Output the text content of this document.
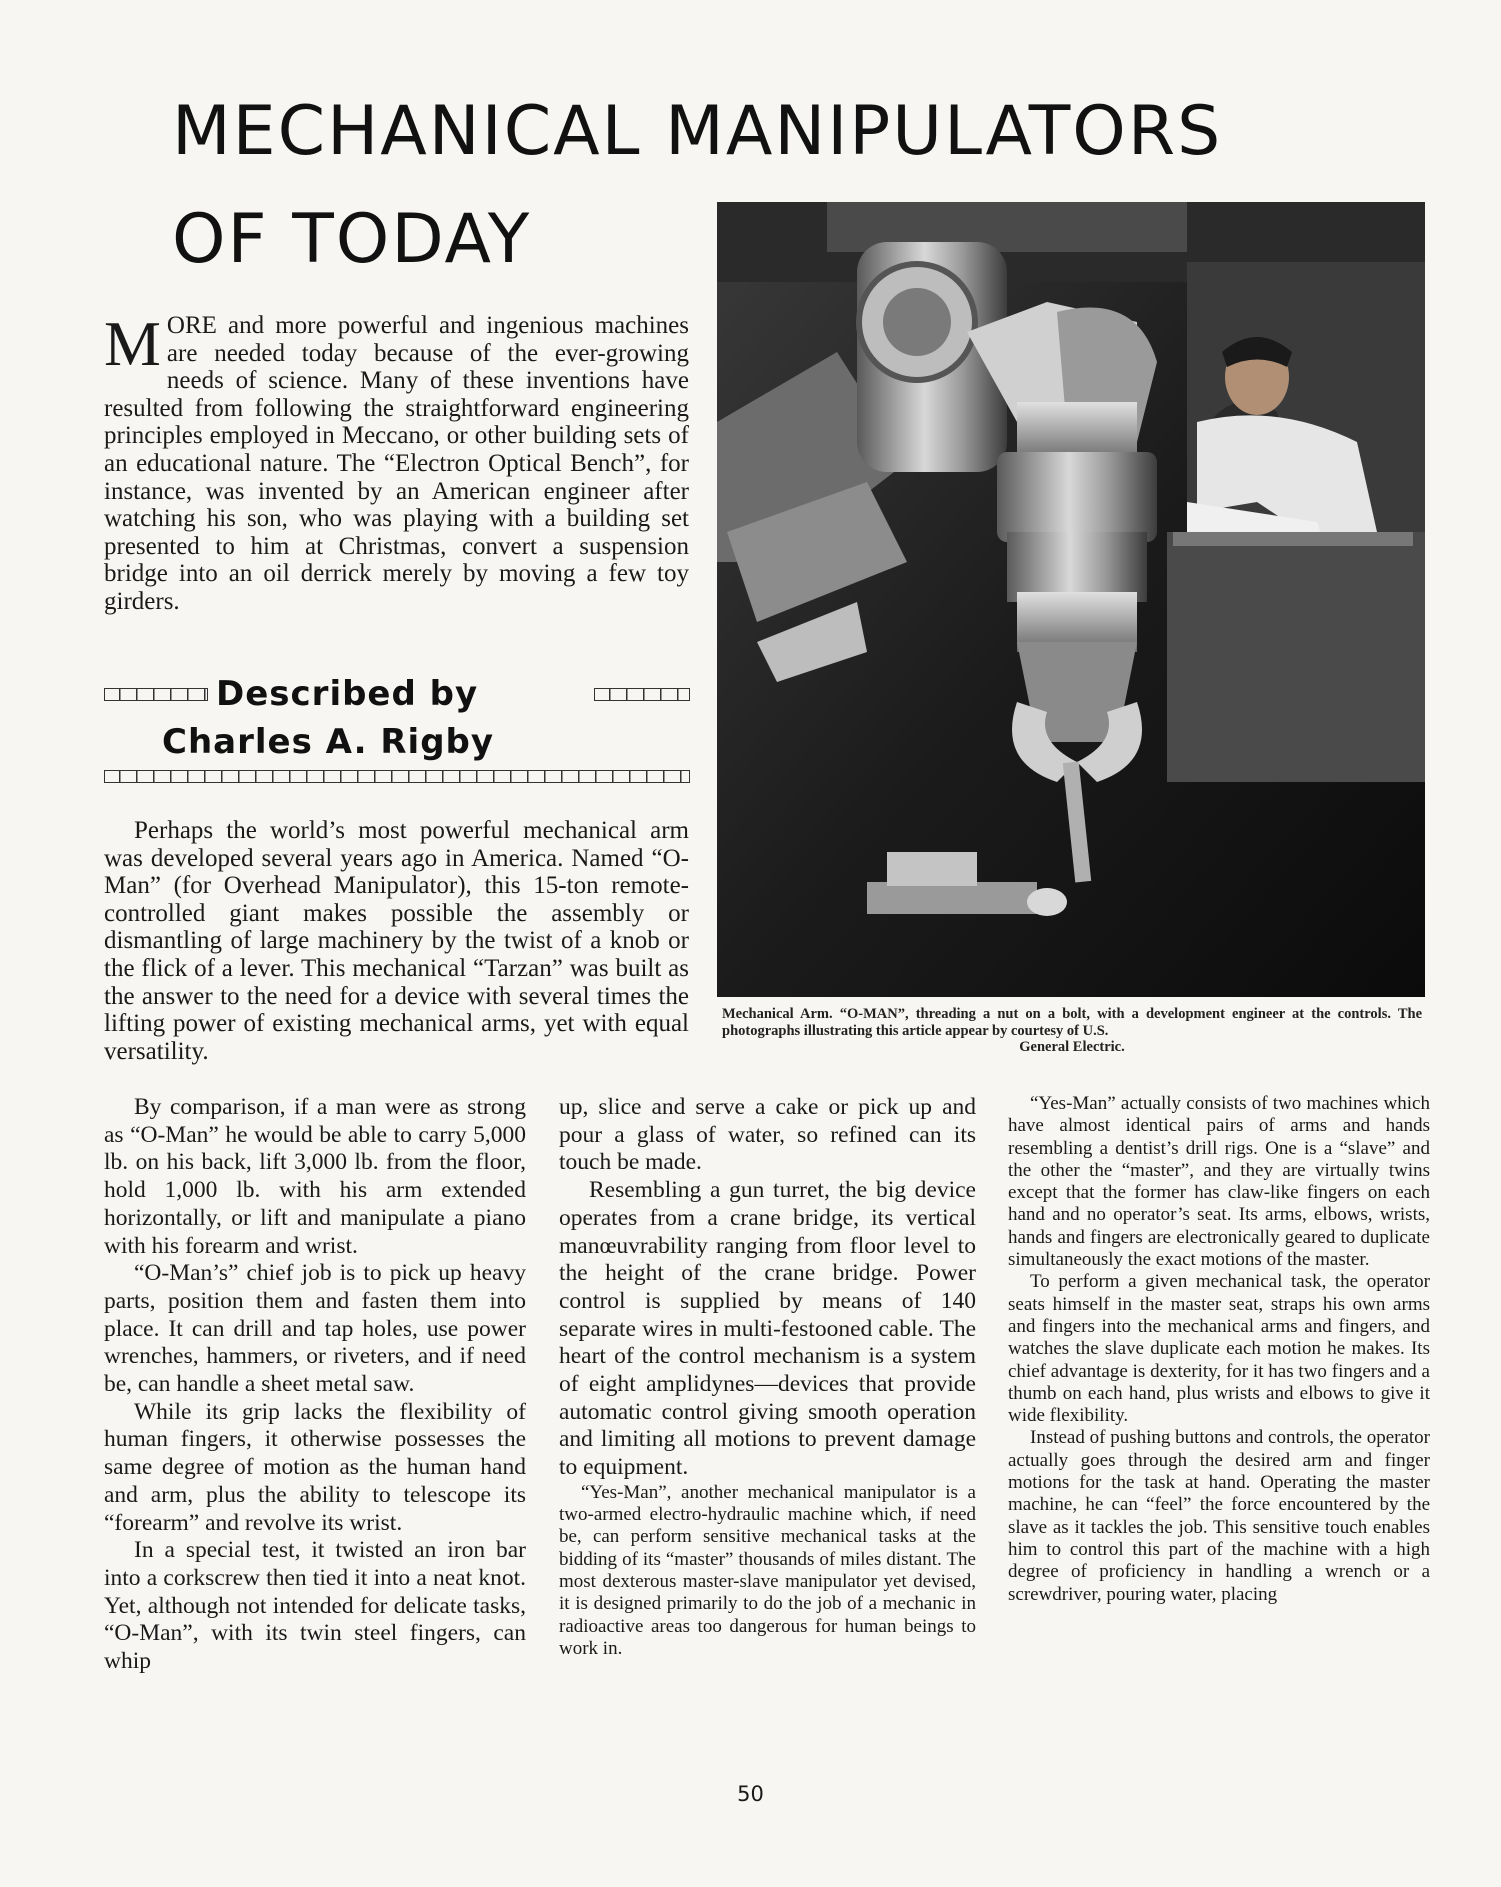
MECHANICAL MANIPULATORS
OF TODAY

MORE and more powerful and ingenious machines are needed today because of the ever-growing needs of science. Many of these inventions have resulted from following the straightforward engineering principles employed in Meccano, or other building sets of an educational nature. The “Electron Optical Bench”, for instance, was invented by an American engineer after watching his son, who was playing with a building set presented to him at Christmas, convert a suspension bridge into an oil derrick merely by moving a few toy girders.

Described by
Charles A. Rigby

Perhaps the world’s most powerful mechanical arm was developed several years ago in America. Named “O-Man” (for Overhead Manipulator), this 15-ton remote-controlled giant makes possible the assembly or dismantling of large machinery by the twist of a knob or the flick of a lever. This mechanical “Tarzan” was built as the answer to the need for a device with several times the lifting power of existing mechanical arms, yet with equal versatility.

By comparison, if a man were as strong as “O-Man” he would be able to carry 5,000 lb. on his back, lift 3,000 lb. from the floor, hold 1,000 lb. with his arm extended horizontally, or lift and manipulate a piano with his forearm and wrist.

“O-Man’s” chief job is to pick up heavy parts, position them and fasten them into place. It can drill and tap holes, use power wrenches, hammers, or riveters, and if need be, can handle a sheet metal saw.

While its grip lacks the flexibility of human fingers, it otherwise possesses the same degree of motion as the human hand and arm, plus the ability to telescope its “forearm” and revolve its wrist.

In a special test, it twisted an iron bar into a corkscrew then tied it into a neat knot. Yet, although not intended for delicate tasks, “O-Man”, with its twin steel fingers, can whip

up, slice and serve a cake or pick up and pour a glass of water, so refined can its touch be made.

Resembling a gun turret, the big device operates from a crane bridge, its vertical manœuvrability ranging from floor level to the height of the crane bridge. Power control is supplied by means of 140 separate wires in multi-festooned cable. The heart of the control mechanism is a system of eight amplidynes—devices that provide automatic control giving smooth operation and limiting all motions to prevent damage to equipment.

“Yes-Man”, another mechanical manipulator is a two-armed electro-hydraulic machine which, if need be, can perform sensitive mechanical tasks at the bidding of its “master” thousands of miles distant. The most dexterous master-slave manipulator yet devised, it is designed primarily to do the job of a mechanic in radioactive areas too dangerous for human beings to work in.

“Yes-Man” actually consists of two machines which have almost identical pairs of arms and hands resembling a dentist’s drill rigs. One is a “slave” and the other the “master”, and they are virtually twins except that the former has claw-like fingers on each hand and no operator’s seat. Its arms, elbows, wrists, hands and fingers are electronically geared to duplicate simultaneously the exact motions of the master.

To perform a given mechanical task, the operator seats himself in the master seat, straps his own arms and fingers into the mechanical arms and fingers, and watches the slave duplicate each motion he makes. Its chief advantage is dexterity, for it has two fingers and a thumb on each hand, plus wrists and elbows to give it wide flexibility.

Instead of pushing buttons and controls, the operator actually goes through the desired arm and finger motions for the task at hand. Operating the master machine, he can “feel” the force encountered by the slave as it tackles the job. This sensitive touch enables him to control this part of the machine with a high degree of proficiency in handling a wrench or a screwdriver, pouring water, placing

Mechanical Arm. “O-MAN”, threading a nut on a bolt, with a development engineer at the controls. The photographs illustrating this article appear by courtesy of U.S.
General Electric.
50
